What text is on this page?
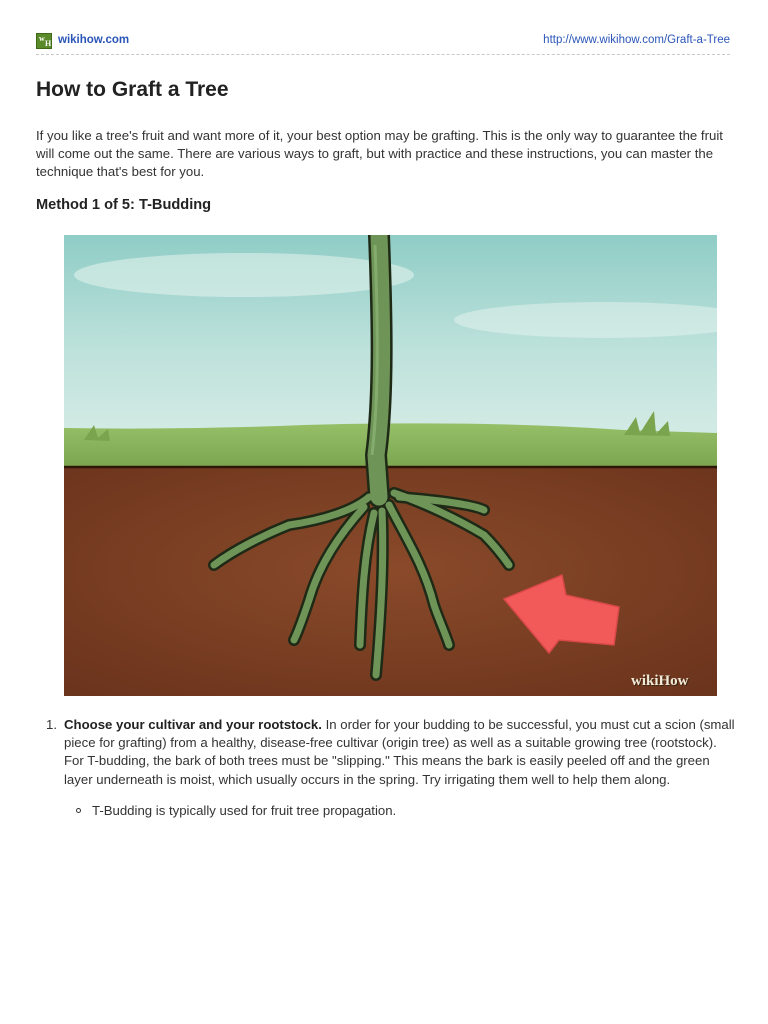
w
H wikihow.com	http://www.wikihow.com/Graft-a-Tree
How to Graft a Tree

If you like a tree's fruit and want more of it, your best option may be grafting. This is the only way to guarantee the fruit will come out the same. There are various ways to graft, but with practice and these instructions, you can master the technique that's best for you.

Method 1 of 5: T-Budding
wikiHow
1. Choose your cultivar and your rootstock. In order for your budding to be successful, you must cut a scion (small piece for grafting) from a healthy, disease-free cultivar (origin tree) as well as a suitable growing tree (rootstock). For T-budding, the bark of both trees must be "slipping." This means the bark is easily peeled off and the green layer underneath is moist, which usually occurs in the spring. Try irrigating them well to help them along.
T-Budding is typically used for fruit tree propagation.
